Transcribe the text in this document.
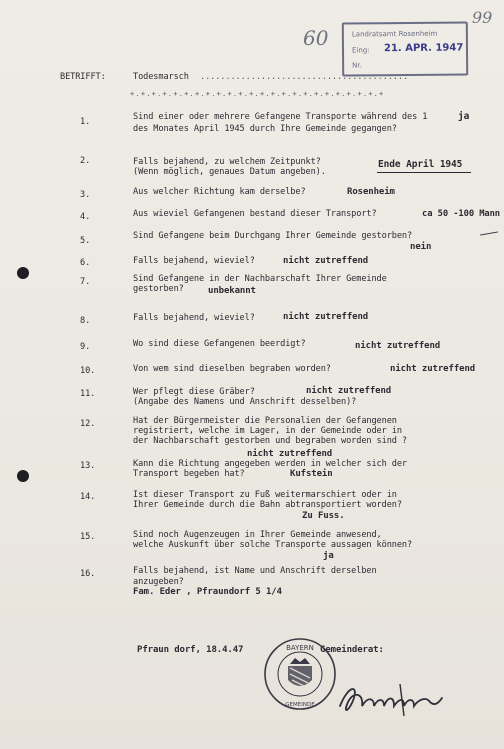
99
60	Landratsamt Rosenheim
Eing: 21. APR. 1947
Nr.
BETRIFFT:	Todesmarsch .........................................
+.+.+.+.+.+.+.+.+.+.+.+.+.+.+.+.+.+.+.+.+.+.+.+
1.	Sind einer oder mehrere Gefangene Transporte während des 1
des Monates April 1945 durch Ihre Gemeinde gegangen?
ja
2.	Falls bejahend, zu welchem Zeitpunkt?
(Wenn möglich, genaues Datum angeben).
Ende April 1945
3.	Aus welcher Richtung kam derselbe?	Rosenheim
4.	Aus wieviel Gefangenen bestand dieser Transport?	ca 50 -100 Mann
5.	Sind Gefangene beim Durchgang Ihrer Gemeinde gestorben?
nein
6.	Falls bejahend, wieviel?	nicht zutreffend
7.	Sind Gefangene in der Nachbarschaft Ihrer Gemeinde
gestorben?	unbekannt
8.	Falls bejahend, wieviel?	nicht zutreffend
9.	Wo sind diese Gefangenen beerdigt?	nicht zutreffend
10.	Von wem sind dieselben begraben worden?	nicht zutreffend
11.	Wer pflegt diese Gräber?
(Angabe des Namens und Anschrift desselben)?
nicht zutreffend
12.	Hat der Bürgermeister die Personalien der Gefangenen
registriert, welche im Lager, in der Gemeinde oder in
der Nachbarschaft gestorben und begraben worden sind ?
nicht zutreffend
13.	Kann die Richtung angegeben werden in welcher sich der
Transport begeben hat?	Kufstein
14.	Ist dieser Transport zu Fuß weitermarschiert oder in
Ihrer Gemeinde durch die Bahn abtransportiert worden?
Zu Fuss.
15.	Sind noch Augenzeugen in Ihrer Gemeinde anwesend,
welche Auskunft über solche Transporte aussagen können?
ja
16.	Falls bejahend, ist Name und Anschrift derselben
anzugeben?
Fam. Eder , Pfraundorf 5 1/4
Pfraun dorf, 18.4.47	Gemeinderat:
BAYERN
GEMEINDE
